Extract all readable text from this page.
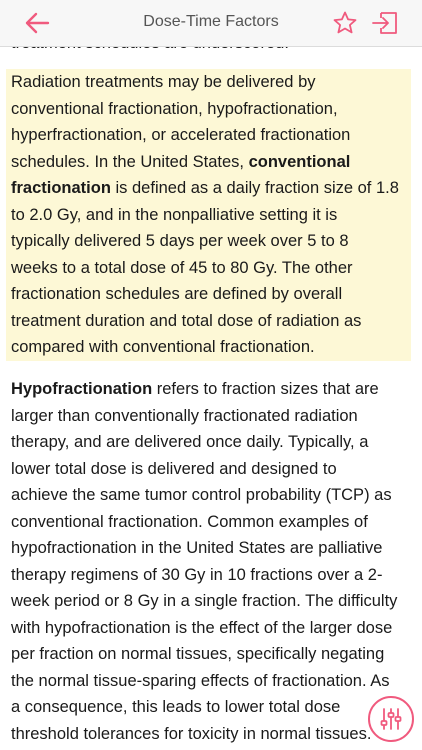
Dose-Time Factors
Radiation treatments may be delivered by
conventional fractionation, hypofractionation,
hyperfractionation, or accelerated fractionation
schedules. In the United States, conventional
fractionation is defined as a daily fraction size of 1.8
to 2.0 Gy, and in the nonpalliative setting it is
typically delivered 5 days per week over 5 to 8
weeks to a total dose of 45 to 80 Gy. The other
fractionation schedules are defined by overall
treatment duration and total dose of radiation as
compared with conventional fractionation.
Hypofractionation refers to fraction sizes that are
larger than conventionally fractionated radiation
therapy, and are delivered once daily. Typically, a
lower total dose is delivered and designed to
achieve the same tumor control probability (TCP) as
conventional fractionation. Common examples of
hypofractionation in the United States are palliative
therapy regimens of 30 Gy in 10 fractions over a 2-
week period or 8 Gy in a single fraction. The difficulty
with hypofractionation is the effect of the larger dose
per fraction on normal tissues, specifically negating
the normal tissue-sparing effects of fractionation. As
a consequence, this leads to lower total dose
threshold tolerances for toxicity in normal tissues.
